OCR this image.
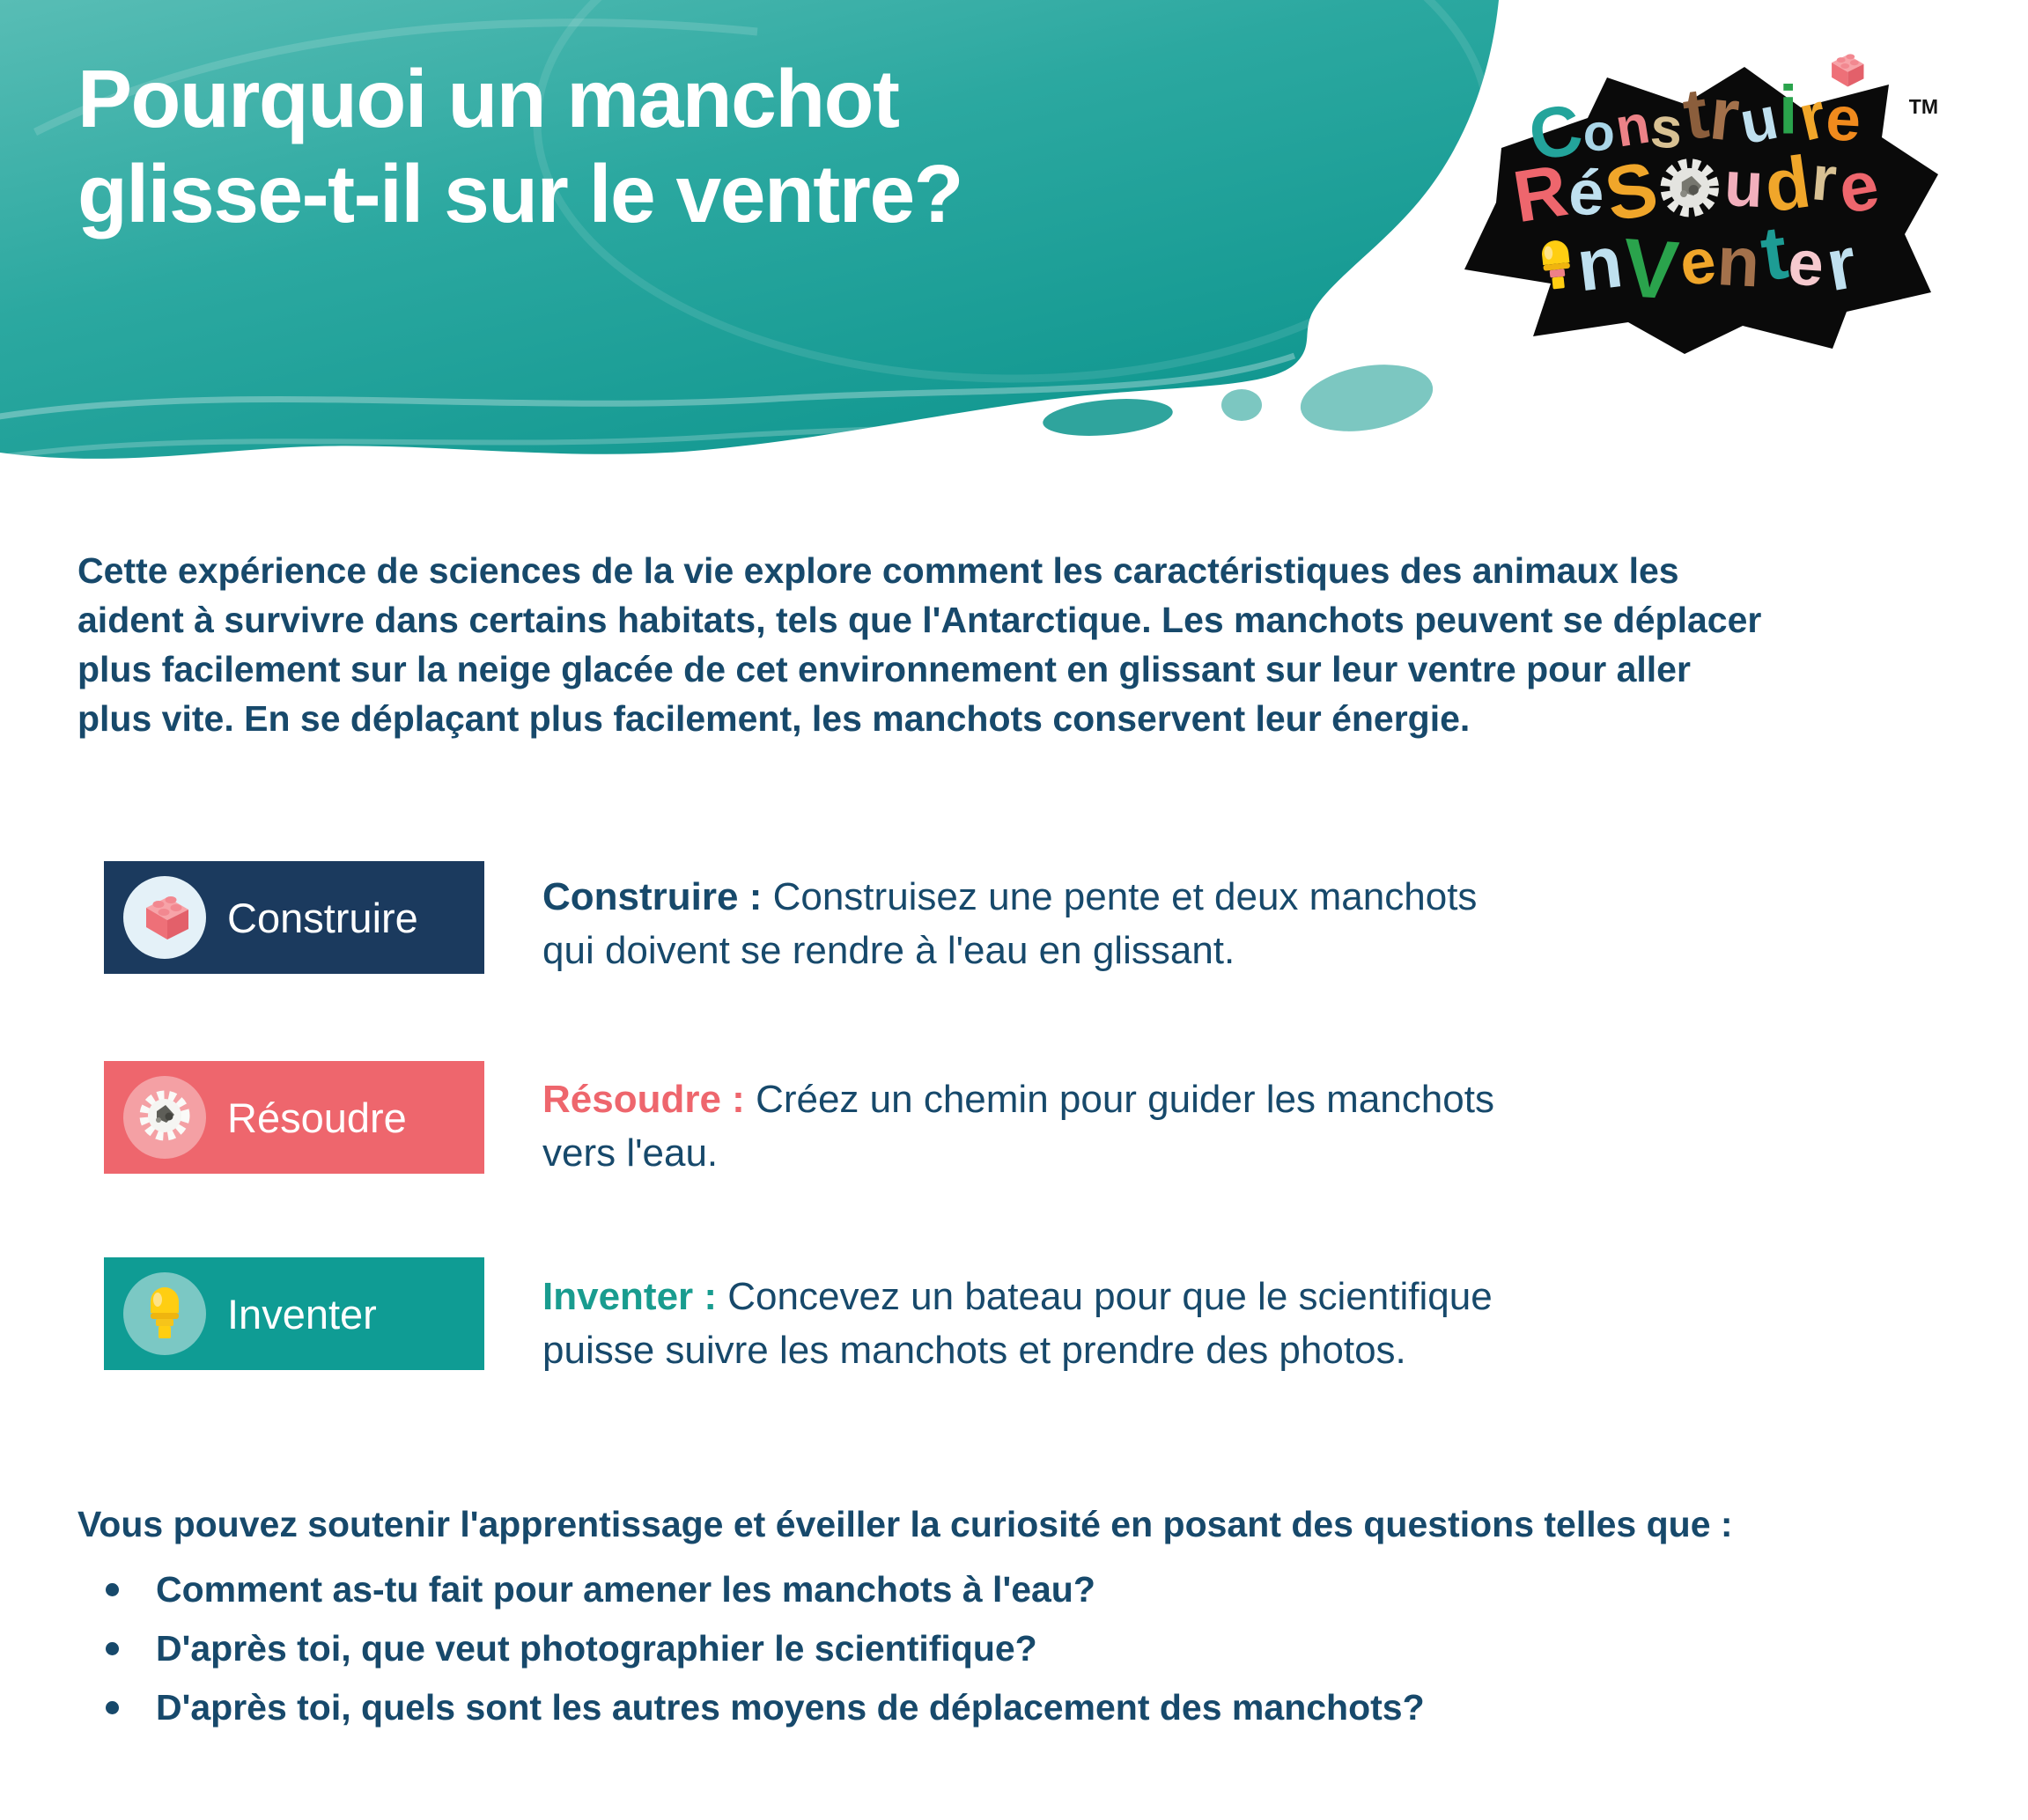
Pourquoi un manchot
glisse-t-il sur le ventre?
C
o
n
s
t
r
u
i
r
e
R
é
S u
d
r
e
n
V
e
n
t
e
r
TM
Cette expérience de sciences de la vie explore comment les caractéristiques des animaux les
aident à survivre dans certains habitats, tels que l'Antarctique. Les manchots peuvent se déplacer
plus facilement sur la neige glacée de cet environnement en glissant sur leur ventre pour aller
plus vite. En se déplaçant plus facilement, les manchots conservent leur énergie.
Construire	Construire : Construisez une pente et deux manchots
qui doivent se rendre à l'eau en glissant.
Résoudre	Résoudre : Créez un chemin pour guider les manchots
vers l'eau.
Inventer	Inventer : Concevez un bateau pour que le scientifique
puisse suivre les manchots et prendre des photos.
Vous pouvez soutenir l'apprentissage et éveiller la curiosité en posant des questions telles que :
Comment as-tu fait pour amener les manchots à l'eau?
D'après toi, que veut photographier le scientifique?
D'après toi, quels sont les autres moyens de déplacement des manchots?
